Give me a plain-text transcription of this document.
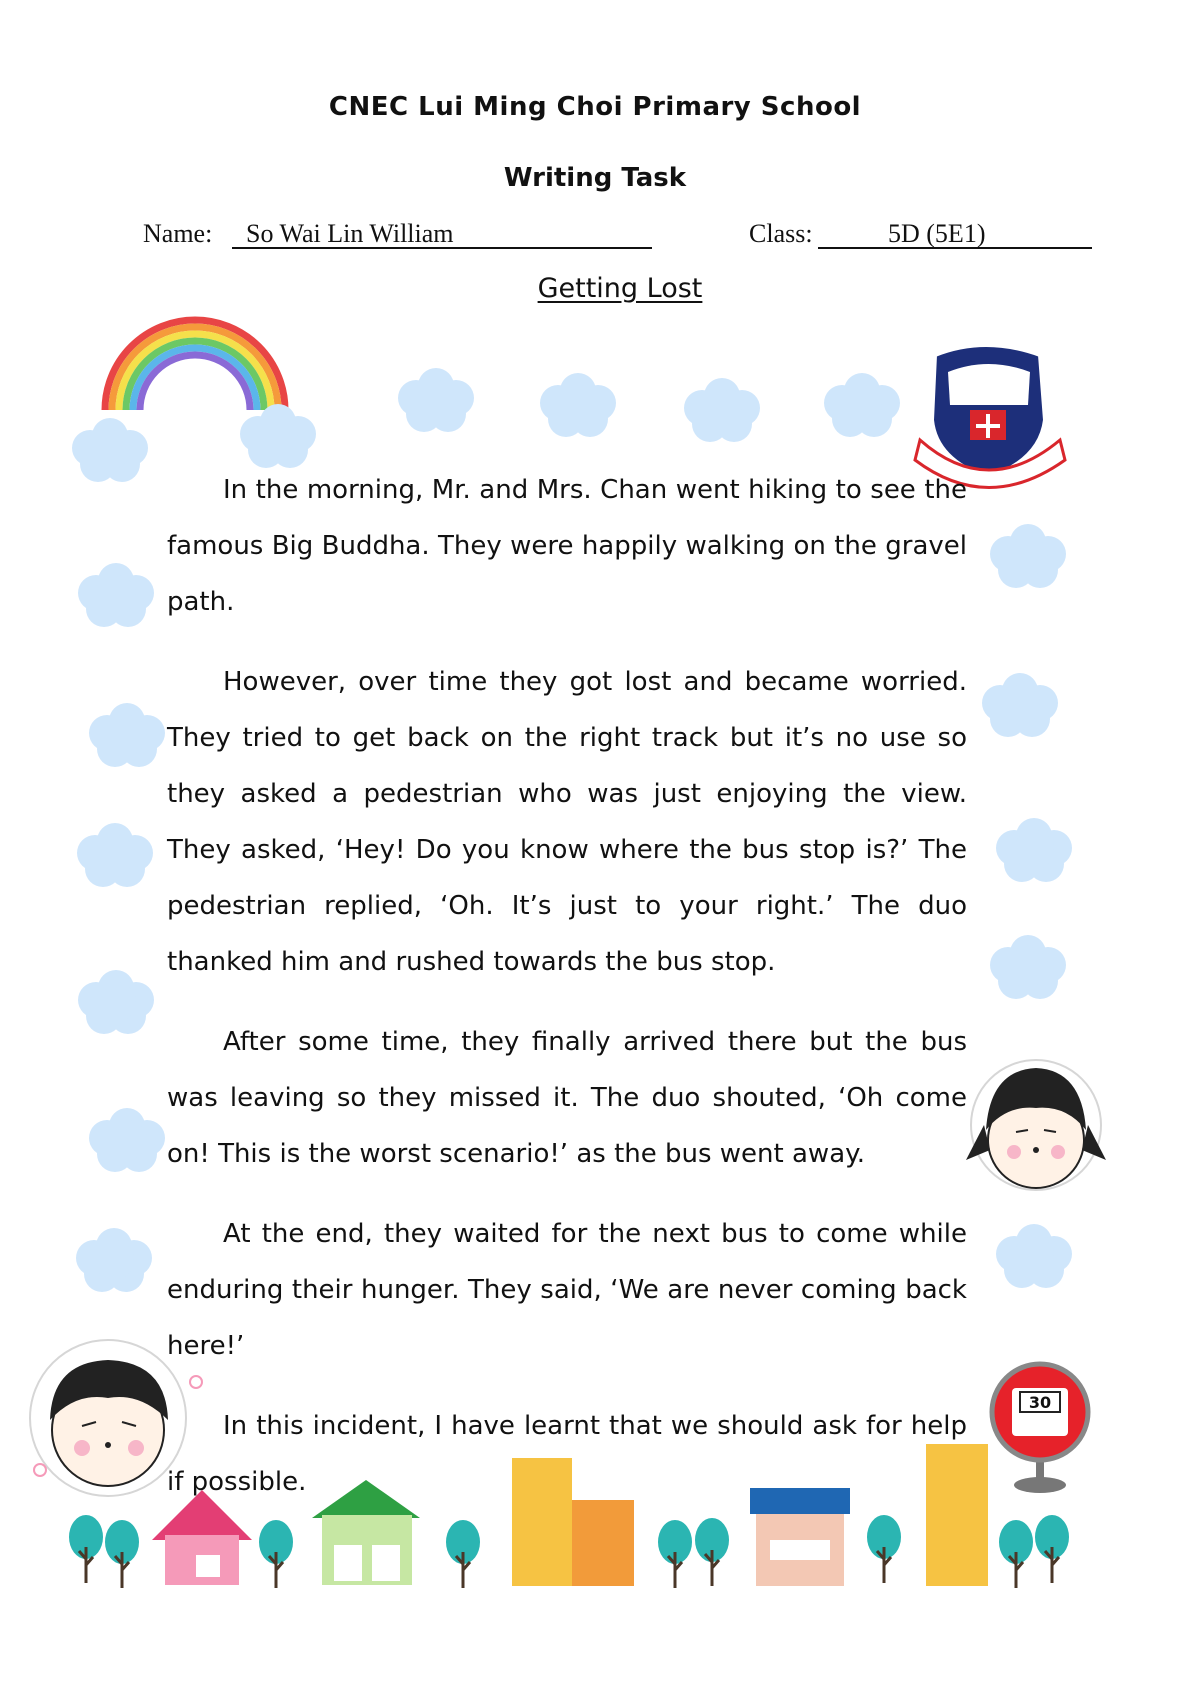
CNEC Lui Ming Choi Primary School
Writing Task
Name:	So Wai Lin William	Class:	5D (5E1)
Getting Lost
30

In the morning, Mr. and Mrs. Chan went hiking to see the famous Big Buddha. They were happily walking on the gravel path.

However, over time they got lost and became worried. They tried to get back on the right track but it’s no use so they asked a pedestrian who was just enjoying the view. They asked, ‘Hey! Do you know where the bus stop is?’ The pedestrian replied, ‘Oh. It’s just to your right.’ The duo thanked him and rushed towards the bus stop.

After some time, they finally arrived there but the bus was leaving so they missed it. The duo shouted, ‘Oh come on! This is the worst scenario!’ as the bus went away.

At the end, they waited for the next bus to come while enduring their hunger. They said, ‘We are never coming back here!’

In this incident, I have learnt that we should ask for help if possible.
